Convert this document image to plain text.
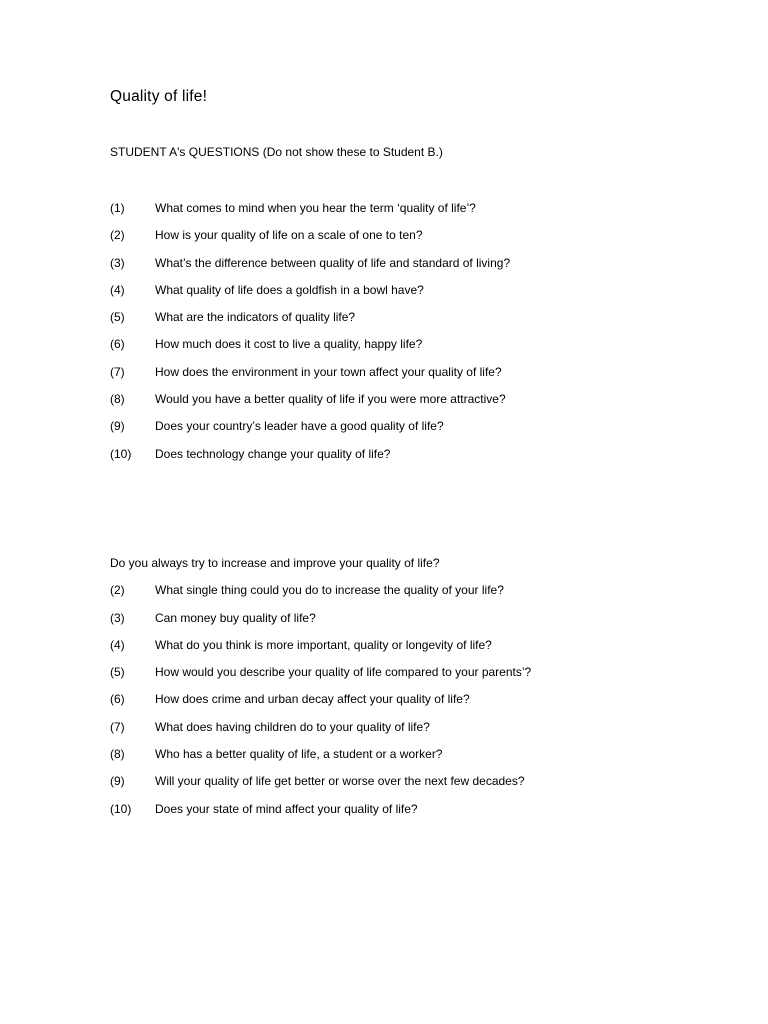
Quality of life!

STUDENT A's QUESTIONS (Do not show these to Student B.)

(1)	What comes to mind when you hear the term ‘quality of life’?
(2)	How is your quality of life on a scale of one to ten?
(3)	What’s the difference between quality of life and standard of living?
(4)	What quality of life does a goldfish in a bowl have?
(5)	What are the indicators of quality life?
(6)	How much does it cost to live a quality, happy life?
(7)	How does the environment in your town affect your quality of life?
(8)	Would you have a better quality of life if you were more attractive?
(9)	Does your country’s leader have a good quality of life?
(10)	Does technology change your quality of life?
Do you always try to increase and improve your quality of life?
(2)	What single thing could you do to increase the quality of your life?
(3)	Can money buy quality of life?
(4)	What do you think is more important, quality or longevity of life?
(5)	How would you describe your quality of life compared to your parents’?
(6)	How does crime and urban decay affect your quality of life?
(7)	What does having children do to your quality of life?
(8)	Who has a better quality of life, a student or a worker?
(9)	Will your quality of life get better or worse over the next few decades?
(10)	Does your state of mind affect your quality of life?
